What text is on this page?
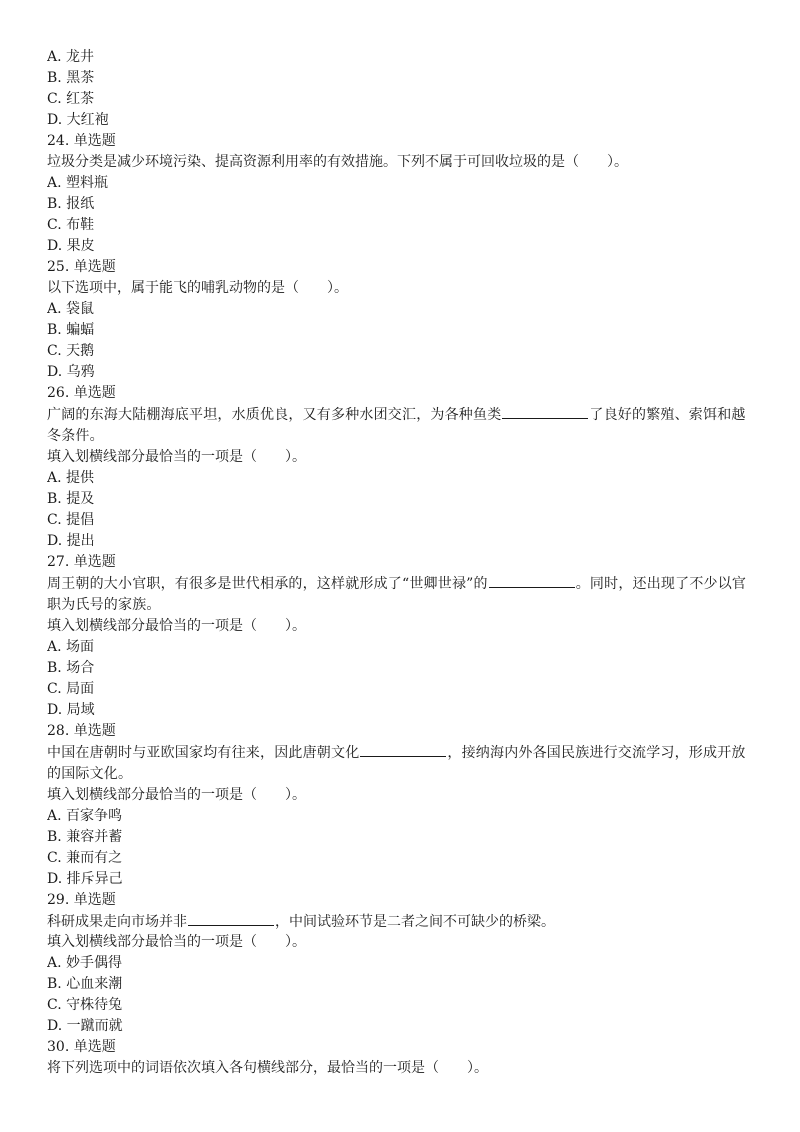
A. 龙井
B. 黑茶
C. 红茶
D. 大红袍
24. 单选题
垃圾分类是减少环境污染、提高资源利用率的有效措施。下列不属于可回收垃圾的是（　　）。
A. 塑料瓶
B. 报纸
C. 布鞋
D. 果皮
25. 单选题
以下选项中，属于能飞的哺乳动物的是（　　）。
A. 袋鼠
B. 蝙蝠
C. 天鹅
D. 乌鸦
26. 单选题
广阔的东海大陆棚海底平坦，水质优良，又有多种水团交汇，为各种鱼类	了良好的繁殖、索饵和越冬条件。
填入划横线部分最恰当的一项是（　　）。
A. 提供
B. 提及
C. 提倡
D. 提出
27. 单选题
周王朝的大小官职，有很多是世代相承的，这样就形成了“世卿世禄”的	。同时，还出现了不少以官职为氏号的家族。
填入划横线部分最恰当的一项是（　　）。
A. 场面
B. 场合
C. 局面
D. 局域
28. 单选题
中国在唐朝时与亚欧国家均有往来，因此唐朝文化	，接纳海内外各国民族进行交流学习，形成开放的国际文化。
填入划横线部分最恰当的一项是（　　）。
A. 百家争鸣
B. 兼容并蓄
C. 兼而有之
D. 排斥异己
29. 单选题
科研成果走向市场并非	，中间试验环节是二者之间不可缺少的桥梁。
填入划横线部分最恰当的一项是（　　）。
A. 妙手偶得
B. 心血来潮
C. 守株待兔
D. 一蹴而就
30. 单选题
将下列选项中的词语依次填入各句横线部分，最恰当的一项是（　　）。
